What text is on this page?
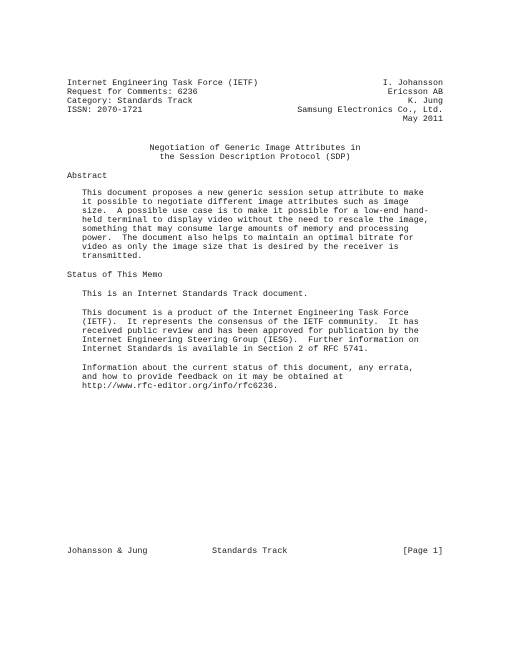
Internet Engineering Task Force (IETF)
Request for Comments: 6236
Category: Standards Track
ISSN: 2070-1721
I. Johansson
Ericsson AB
K. Jung
Samsung Electronics Co., Ltd.
May 2011
Negotiation of Generic Image Attributes in
the Session Description Protocol (SDP)
Abstract
This document proposes a new generic session setup attribute to make
it possible to negotiate different image attributes such as image
size.  A possible use case is to make it possible for a low-end hand-
held terminal to display video without the need to rescale the image,
something that may consume large amounts of memory and processing
power.  The document also helps to maintain an optimal bitrate for
video as only the image size that is desired by the receiver is
transmitted.
Status of This Memo
This is an Internet Standards Track document.
This document is a product of the Internet Engineering Task Force
(IETF).  It represents the consensus of the IETF community.  It has
received public review and has been approved for publication by the
Internet Engineering Steering Group (IESG).  Further information on
Internet Standards is available in Section 2 of RFC 5741.
Information about the current status of this document, any errata,
and how to provide feedback on it may be obtained at
http://www.rfc-editor.org/info/rfc6236.
Johansson & Jung	Standards Track	[Page 1]
